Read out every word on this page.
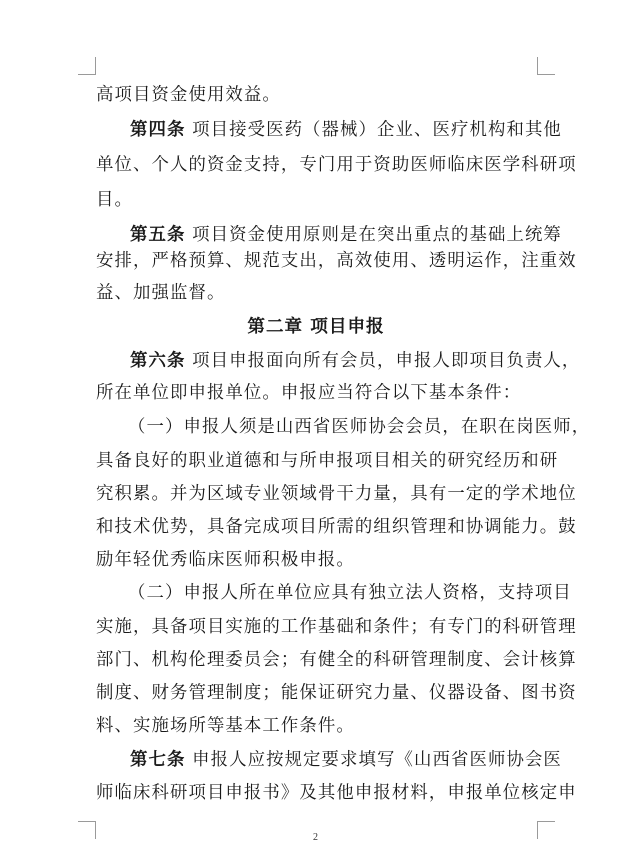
高项目资金使用效益。
第四条 项目接受医药（器械）企业、医疗机构和其他
单位、个人的资金支持，专门用于资助医师临床医学科研项
目。
第五条 项目资金使用原则是在突出重点的基础上统筹
安排，严格预算、规范支出，高效使用、透明运作，注重效
益、加强监督。
第二章 项目申报
第六条 项目申报面向所有会员，申报人即项目负责人，
所在单位即申报单位。申报应当符合以下基本条件：
（一）申报人须是山西省医师协会会员，在职在岗医师，
具备良好的职业道德和与所申报项目相关的研究经历和研
究积累。并为区域专业领域骨干力量，具有一定的学术地位
和技术优势，具备完成项目所需的组织管理和协调能力。鼓
励年轻优秀临床医师积极申报。
（二）申报人所在单位应具有独立法人资格，支持项目
实施，具备项目实施的工作基础和条件；有专门的科研管理
部门、机构伦理委员会；有健全的科研管理制度、会计核算
制度、财务管理制度；能保证研究力量、仪器设备、图书资
料、实施场所等基本工作条件。
第七条 申报人应按规定要求填写《山西省医师协会医
师临床科研项目申报书》及其他申报材料，申报单位核定申
2
